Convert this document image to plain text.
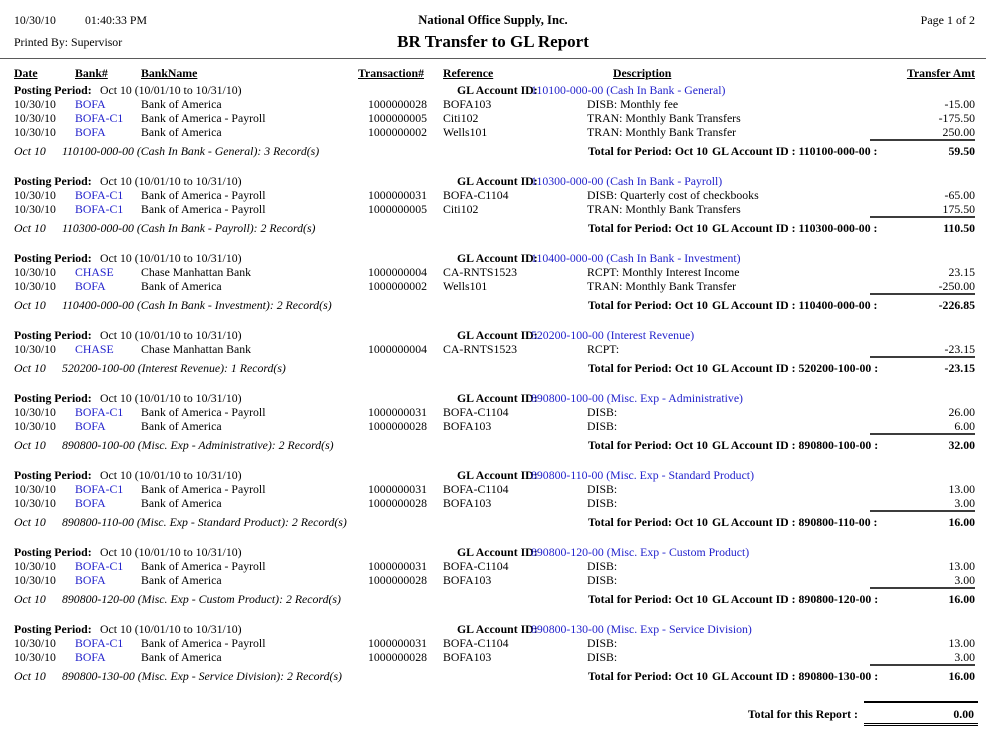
10/30/10 01:40:33 PM
Printed By: Supervisor
National Office Supply, Inc.
BR Transfer to GL Report
Page 1 of 2
Date	Bank#	BankName	Transaction# Reference	Description	Transfer Amt
Posting Period: Oct 10 (10/01/10 to 10/31/10)	GL Account ID:
110100-000-00 (Cash In Bank - General)
10/30/10 BOFA	Bank of America	1000000028 BOFA103	DISB: Monthly fee	-15.00
10/30/10 BOFA-C1 Bank of America - Payroll	1000000005 Citi102	TRAN: Monthly Bank Transfers	-175.50
10/30/10 BOFA	Bank of America	1000000002 Wells101	TRAN: Monthly Bank Transfer	250.00
Oct 10 110100-000-00 (Cash In Bank - General): 3 Record(s)	Total for Period: Oct 10 GL Account ID : 110100-000-00 :	59.50
Posting Period: Oct 10 (10/01/10 to 10/31/10)	GL Account ID:
110300-000-00 (Cash In Bank - Payroll)
10/30/10 BOFA-C1 Bank of America - Payroll	1000000031 BOFA-C1104	DISB: Quarterly cost of checkbooks	-65.00
10/30/10 BOFA-C1 Bank of America - Payroll	1000000005 Citi102	TRAN: Monthly Bank Transfers	175.50
Oct 10 110300-000-00 (Cash In Bank - Payroll): 2 Record(s)	Total for Period: Oct 10 GL Account ID : 110300-000-00 :	110.50
Posting Period: Oct 10 (10/01/10 to 10/31/10)	GL Account ID:
110400-000-00 (Cash In Bank - Investment)
10/30/10 CHASE Chase Manhattan Bank	1000000004 CA-RNTS1523	RCPT: Monthly Interest Income	23.15
10/30/10 BOFA	Bank of America	1000000002 Wells101	TRAN: Monthly Bank Transfer	-250.00
Oct 10 110400-000-00 (Cash In Bank - Investment): 2 Record(s)	Total for Period: Oct 10 GL Account ID : 110400-000-00 :	-226.85
Posting Period: Oct 10 (10/01/10 to 10/31/10)	GL Account ID:
520200-100-00 (Interest Revenue)
10/30/10 CHASE Chase Manhattan Bank	1000000004 CA-RNTS1523	RCPT:	-23.15
Oct 10 520200-100-00 (Interest Revenue): 1 Record(s)	Total for Period: Oct 10 GL Account ID : 520200-100-00 :	-23.15
Posting Period: Oct 10 (10/01/10 to 10/31/10)	GL Account ID:
890800-100-00 (Misc. Exp - Administrative)
10/30/10 BOFA-C1 Bank of America - Payroll	1000000031 BOFA-C1104	DISB:	26.00
10/30/10 BOFA	Bank of America	1000000028 BOFA103	DISB:	6.00
Oct 10 890800-100-00 (Misc. Exp - Administrative): 2 Record(s)	Total for Period: Oct 10 GL Account ID : 890800-100-00 :	32.00
Posting Period: Oct 10 (10/01/10 to 10/31/10)	GL Account ID:
890800-110-00 (Misc. Exp - Standard Product)
10/30/10 BOFA-C1 Bank of America - Payroll	1000000031 BOFA-C1104	DISB:	13.00
10/30/10 BOFA	Bank of America	1000000028 BOFA103	DISB:	3.00
Oct 10 890800-110-00 (Misc. Exp - Standard Product): 2 Record(s)	Total for Period: Oct 10 GL Account ID : 890800-110-00 :	16.00
Posting Period: Oct 10 (10/01/10 to 10/31/10)	GL Account ID:
890800-120-00 (Misc. Exp - Custom Product)
10/30/10 BOFA-C1 Bank of America - Payroll	1000000031 BOFA-C1104	DISB:	13.00
10/30/10 BOFA	Bank of America	1000000028 BOFA103	DISB:	3.00
Oct 10 890800-120-00 (Misc. Exp - Custom Product): 2 Record(s)	Total for Period: Oct 10 GL Account ID : 890800-120-00 :	16.00
Posting Period: Oct 10 (10/01/10 to 10/31/10)	GL Account ID:
890800-130-00 (Misc. Exp - Service Division)
10/30/10 BOFA-C1 Bank of America - Payroll	1000000031 BOFA-C1104	DISB:	13.00
10/30/10 BOFA	Bank of America	1000000028 BOFA103	DISB:	3.00
Oct 10 890800-130-00 (Misc. Exp - Service Division): 2 Record(s)	Total for Period: Oct 10 GL Account ID : 890800-130-00 :	16.00
Total for this Report :	0.00
